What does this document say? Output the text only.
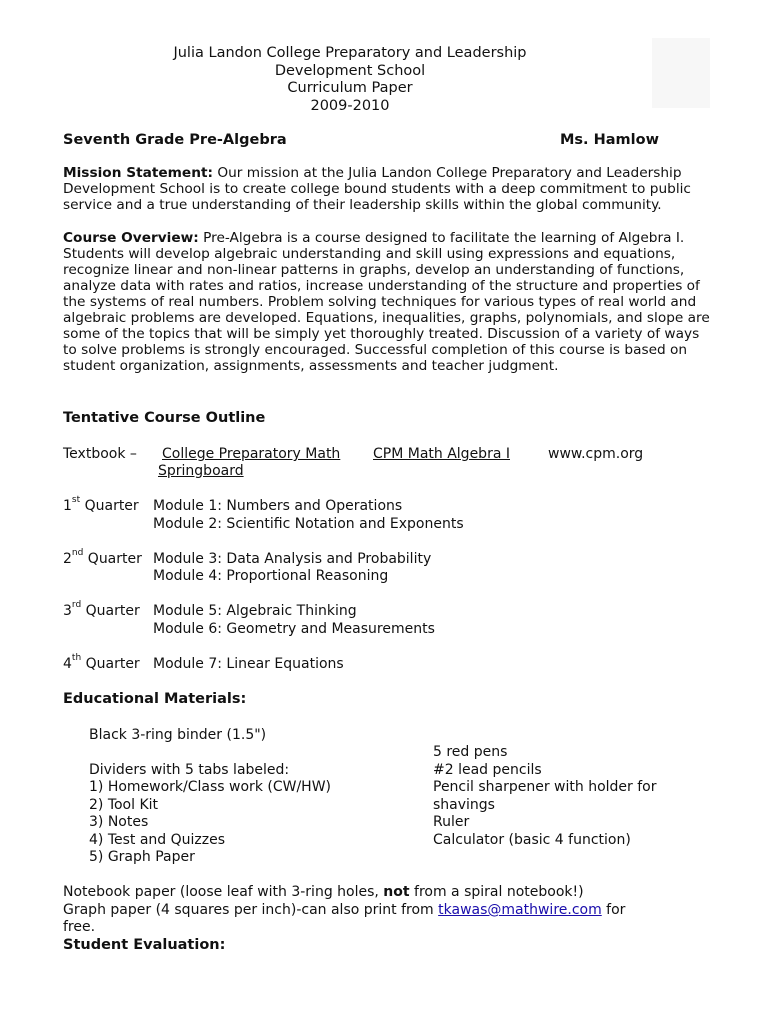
Julia Landon College Preparatory and Leadership
Development School
Curriculum Paper
2009-2010
Seventh Grade Pre-Algebra	Ms. Hamlow
Mission Statement: Our mission at the Julia Landon College Preparatory and Leadership Development School is to create college bound students with a deep commitment to public service and a true understanding of their leadership skills within the global community.
Course Overview: Pre-Algebra is a course designed to facilitate the learning of Algebra I. Students will develop algebraic understanding and skill using expressions and equations, recognize linear and non-linear patterns in graphs, develop an understanding of functions, analyze data with rates and ratios, increase understanding of the structure and properties of the systems of real numbers. Problem solving techniques for various types of real world and algebraic problems are developed. Equations, inequalities, graphs, polynomials, and slope are some of the topics that will be simply yet thoroughly treated. Discussion of a variety of ways to solve problems is strongly encouraged. Successful completion of this course is based on student organization, assignments, assessments and teacher judgment.
Tentative Course Outline
Textbook – College Preparatory Math CPM Math Algebra I	www.cpm.org
Springboard
1st Quarter Module 1: Numbers and Operations
Module 2: Scientific Notation and Exponents
2nd Quarter Module 3: Data Analysis and Probability
Module 4: Proportional Reasoning
3rd Quarter Module 5: Algebraic Thinking
Module 6: Geometry and Measurements
4th Quarter Module 7: Linear Equations
Educational Materials:
Black 3-ring binder (1.5")
Dividers with 5 tabs labeled:
1) Homework/Class work (CW/HW)
2) Tool Kit
3) Notes
4) Test and Quizzes
5) Graph Paper
5 red pens
#2 lead pencils
Pencil sharpener with holder for
shavings
Ruler
Calculator (basic 4 function)
Notebook paper (loose leaf with 3-ring holes, not from a spiral notebook!)
Graph paper (4 squares per inch)-can also print from tkawas@mathwire.com for
free.
Student Evaluation:
